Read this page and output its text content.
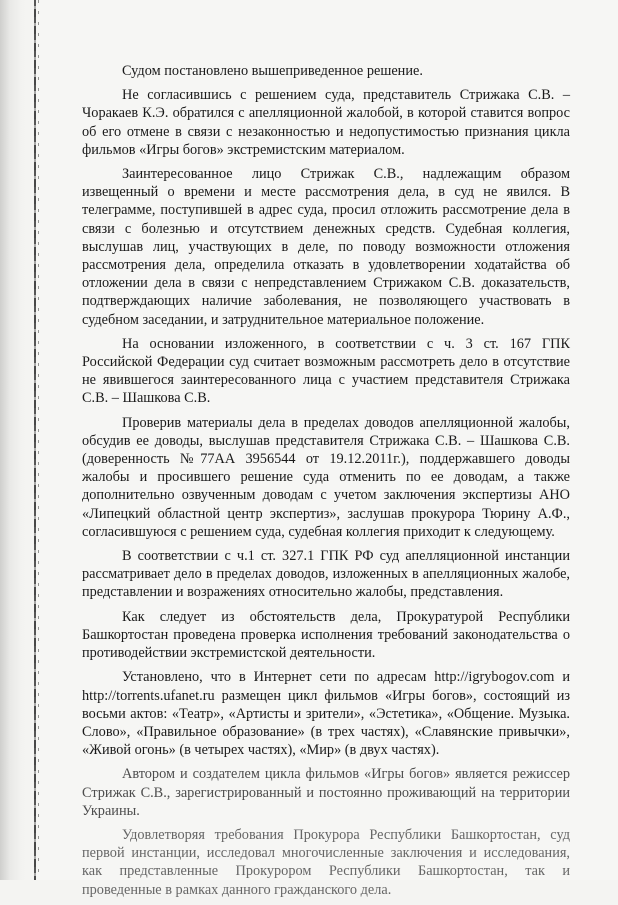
Судом постановлено вышеприведенное решение.

Не согласившись с решением суда, представитель Стрижака С.В. – Чоракаев К.Э. обратился с апелляционной жалобой, в которой ставится вопрос об его отмене в связи с незаконностью и недопустимостью признания цикла фильмов «Игры богов» экстремистским материалом.

Заинтересованное лицо Стрижак С.В., надлежащим образом извещенный о времени и месте рассмотрения дела, в суд не явился. В телеграмме, поступившей в адрес суда, просил отложить рассмотрение дела в связи с болезнью и отсутствием денежных средств. Судебная коллегия, выслушав лиц, участвующих в деле, по поводу возможности отложения рассмотрения дела, определила отказать в удовлетворении ходатайства об отложении дела в связи с непредставлением Стрижаком С.В. доказательств, подтверждающих наличие заболевания, не позволяющего участвовать в судебном заседании, и затруднительное материальное положение.

На основании изложенного, в соответствии с ч. 3 ст. 167 ГПК Российской Федерации суд считает возможным рассмотреть дело в отсутствие не явившегося заинтересованного лица с участием представителя Стрижака С.В. – Шашкова С.В.

Проверив материалы дела в пределах доводов апелляционной жалобы, обсудив ее доводы, выслушав представителя Стрижака С.В. – Шашкова С.В. (доверенность №77АА 3956544 от 19.12.2011г.), поддержавшего доводы жалобы и просившего решение суда отменить по ее доводам, а также дополнительно озвученным доводам с учетом заключения экспертизы АНО «Липецкий областной центр экспертиз», заслушав прокурора Тюрину А.Ф., согласившуюся с решением суда, судебная коллегия приходит к следующему.

В соответствии с ч.1 ст. 327.1 ГПК РФ суд апелляционной инстанции рассматривает дело в пределах доводов, изложенных в апелляционных жалобе, представлении и возражениях относительно жалобы, представления.

Как следует из обстоятельств дела, Прокуратурой Республики Башкортостан проведена проверка исполнения требований законодательства о противодействии экстремистской деятельности.

Установлено, что в Интернет сети по адресам http://igrybogov.com и http://torrents.ufanet.ru размещен цикл фильмов «Игры богов», состоящий из восьми актов: «Театр», «Артисты и зрители», «Эстетика», «Общение. Музыка. Слово», «Правильное образование» (в трех частях), «Славянские привычки», «Живой огонь» (в четырех частях), «Мир» (в двух частях).

Автором и создателем цикла фильмов «Игры богов» является режиссер Стрижак С.В., зарегистрированный и постоянно проживающий на территории Украины.

Удовлетворяя требования Прокурора Республики Башкортостан, суд первой инстанции, исследовал многочисленные заключения и исследования, как представленные Прокурором Республики Башкортостан, так и проведенные в рамках данного гражданского дела.
